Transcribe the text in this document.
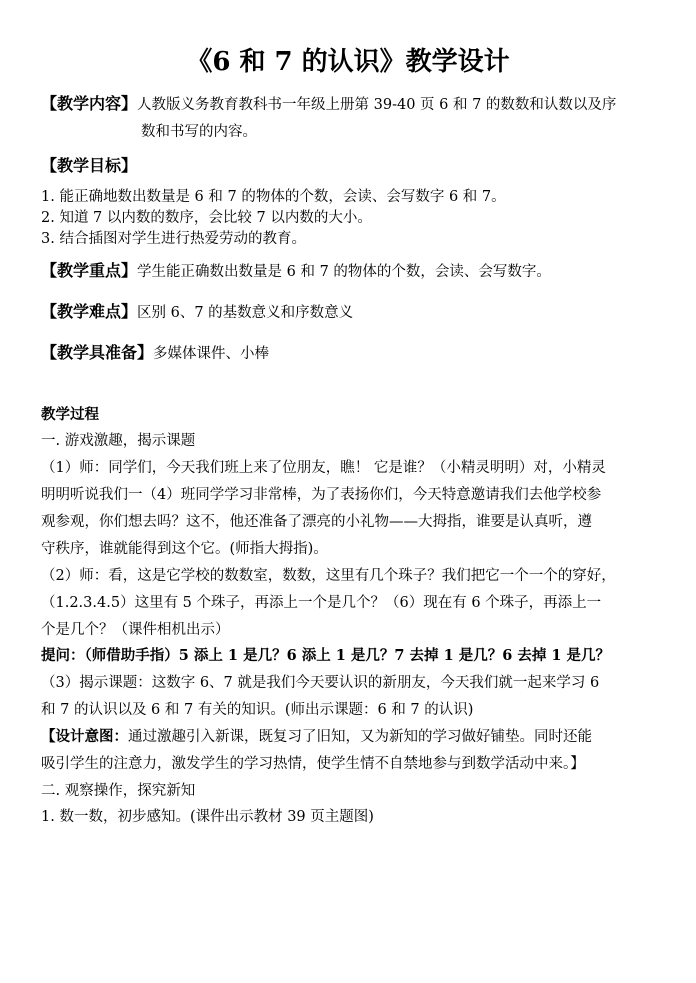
《6 和 7 的认识》教学设计
【教学内容】人教版义务教育教科书一年级上册第 39-40 页 6 和 7 的数数和认数以及序
数和书写的内容。
【教学目标】
1. 能正确地数出数量是 6 和 7 的物体的个数，会读、会写数字 6 和 7。
2. 知道 7 以内数的数序，会比较 7 以内数的大小。
3. 结合插图对学生进行热爱劳动的教育。
【教学重点】学生能正确数出数量是 6 和 7 的物体的个数，会读、会写数字。
【教学难点】区别 6、7 的基数意义和序数意义
【教学具准备】多媒体课件、小棒
教学过程
一. 游戏激趣，揭示课题
（1）师：同学们，今天我们班上来了位朋友，瞧！ 它是谁？（小精灵明明）对，小精灵
明明听说我们一（4）班同学学习非常棒，为了表扬你们，今天特意邀请我们去他学校参
观参观，你们想去吗？这不，他还准备了漂亮的小礼物——大拇指，谁要是认真听，遵
守秩序，谁就能得到这个它。(师指大拇指)。
（2）师：看，这是它学校的数数室，数数，这里有几个珠子？我们把它一个一个的穿好，
（1.2.3.4.5）这里有 5 个珠子，再添上一个是几个？（6）现在有 6 个珠子，再添上一
个是几个？（课件相机出示）
提问：（师借助手指）5 添上 1 是几？6 添上 1 是几？7 去掉 1 是几？6 去掉 1 是几？
（3）揭示课题：这数字 6、7 就是我们今天要认识的新朋友，今天我们就一起来学习 6
和 7 的认识以及 6 和 7 有关的知识。(师出示课题：6 和 7 的认识)
【设计意图：通过激趣引入新课，既复习了旧知，又为新知的学习做好铺垫。同时还能
吸引学生的注意力，激发学生的学习热情，使学生情不自禁地参与到数学活动中来。】
二. 观察操作，探究新知
1. 数一数，初步感知。(课件出示教材 39 页主题图)
